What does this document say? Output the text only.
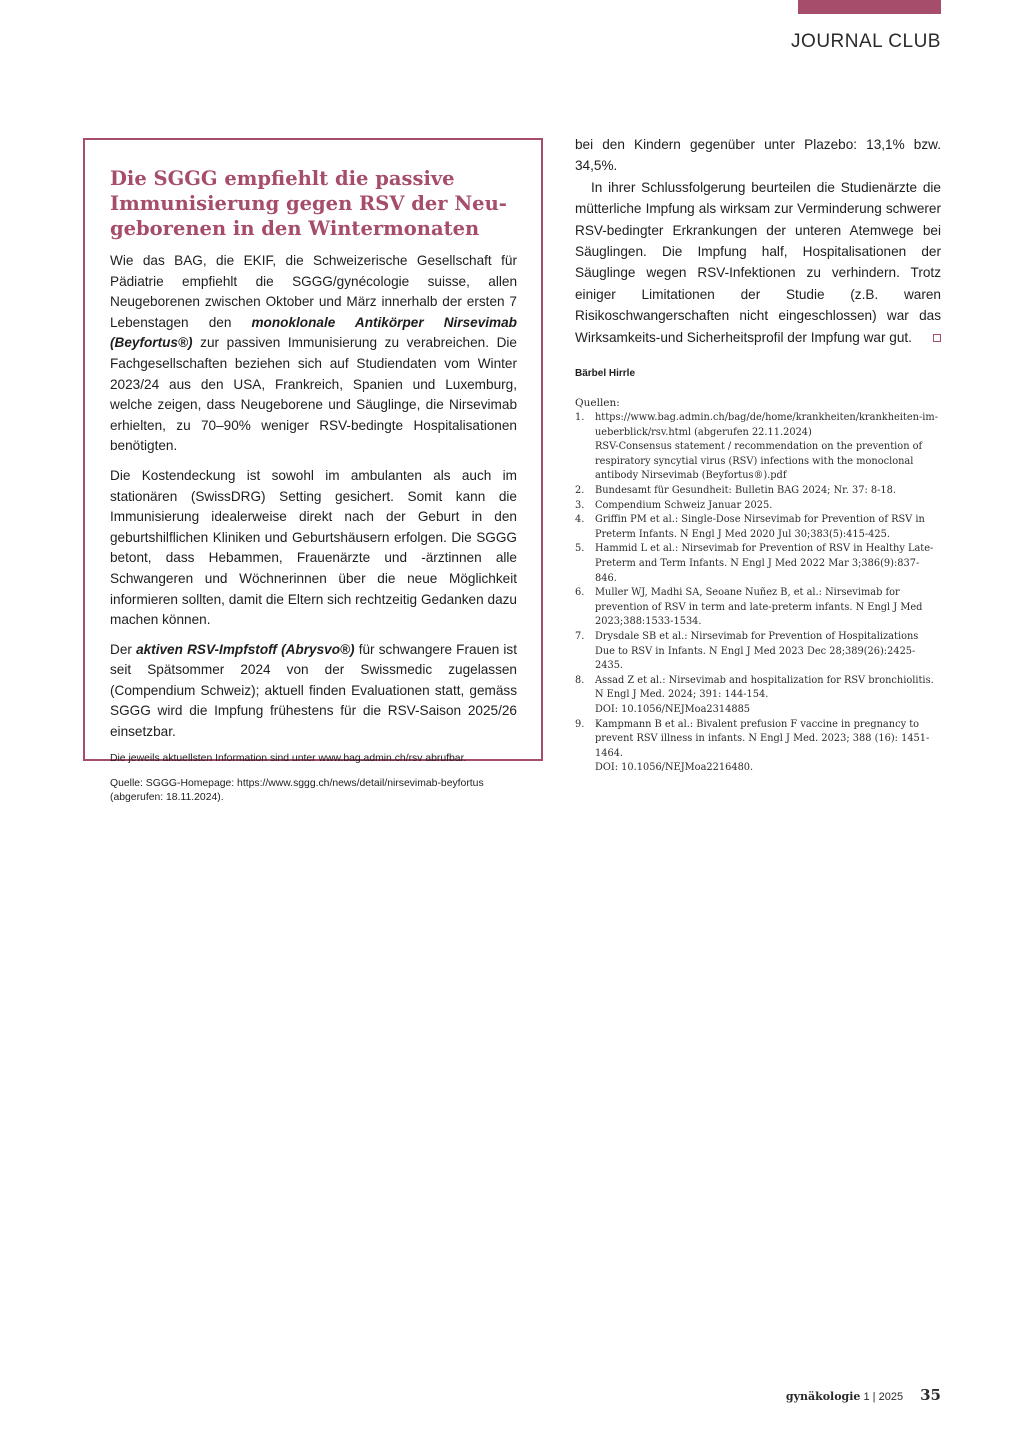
JOURNAL CLUB
Die SGGG empfiehlt die passive Immunisierung gegen RSV der Neugeborenen in den Wintermonaten

Wie das BAG, die EKIF, die Schweizerische Gesellschaft für Pädiatrie empfiehlt die SGGG/gynécologie suisse, allen Neugeborenen zwischen Oktober und März innerhalb der ersten 7 Lebenstagen den monoklonale Antikörper Nirsevimab (Beyfortus®) zur passiven Immunisierung zu verabreichen. Die Fachgesellschaften beziehen sich auf Studiendaten vom Winter 2023/24 aus den USA, Frankreich, Spanien und Luxemburg, welche zeigen, dass Neugeborene und Säuglinge, die Nirsevimab erhielten, zu 70–90% weniger RSV-bedingte Hospitalisationen benötigten.

Die Kostendeckung ist sowohl im ambulanten als auch im stationären (SwissDRG) Setting gesichert. Somit kann die Immunisierung idealerweise direkt nach der Geburt in den geburtshilflichen Kliniken und Geburtshäusern erfolgen. Die SGGG betont, dass Hebammen, Frauenärzte und -ärztinnen alle Schwangeren und Wöchnerinnen über die neue Möglichkeit informieren sollten, damit die Eltern sich rechtzeitig Gedanken dazu machen können.

Der aktiven RSV-Impfstoff (Abrysvo®) für schwangere Frauen ist seit Spätsommer 2024 von der Swissmedic zugelassen (Compendium Schweiz); aktuell finden Evaluationen statt, gemäss SGGG wird die Impfung frühestens für die RSV-Saison 2025/26 einsetzbar.

Die jeweils aktuellsten Information sind unter www.bag.admin.ch/rsv abrufbar.

Quelle: SGGG-Homepage: https://www.sggg.ch/news/detail/nirsevimab-beyfortus (abgerufen: 18.11.2024).

bei den Kindern gegenüber unter Plazebo: 13,1% bzw. 34,5%.

In ihrer Schlussfolgerung beurteilen die Studienärzte die mütterliche Impfung als wirksam zur Verminderung schwerer RSV-bedingter Erkrankungen der unteren Atemwege bei Säuglingen. Die Impfung half, Hospitalisationen der Säuglinge wegen RSV-Infektionen zu verhindern. Trotz einiger Limitationen der Studie (z.B. waren Risikoschwangerschaften nicht eingeschlossen) war das Wirksamkeits-und Sicherheitsprofil der Impfung war gut.

Bärbel Hirrle
Quellen:
1.	https://www.bag.admin.ch/bag/de/home/krankheiten/krankheiten-im-ueberblick/rsv.html (abgerufen 22.11.2024)
RSV-Consensus statement / recommendation on the prevention of respiratory syncytial virus (RSV) infections with the monoclonal antibody Nirsevimab (Beyfortus®).pdf
2.	Bundesamt für Gesundheit: Bulletin BAG 2024; Nr. 37: 8-18.
3.	Compendium Schweiz Januar 2025.
4.	Griffin PM et al.: Single-Dose Nirsevimab for Prevention of RSV in Preterm Infants. N Engl J Med 2020 Jul 30;383(5):415-425.
5.	Hammid L et al.: Nirsevimab for Prevention of RSV in Healthy Late-Preterm and Term Infants. N Engl J Med 2022 Mar 3;386(9):837-846.
6.	Muller WJ, Madhi SA, Seoane Nuñez B, et al.: Nirsevimab for prevention of RSV in term and late-preterm infants. N Engl J Med 2023;388:1533-1534.
7.	Drysdale SB et al.: Nirsevimab for Prevention of Hospitalizations Due to RSV in Infants. N Engl J Med 2023 Dec 28;389(26):2425-2435.
8.	Assad Z et al.: Nirsevimab and hospitalization for RSV bronchiolitis.
N Engl J Med. 2024; 391: 144-154.
DOI: 10.1056/NEJMoa2314885
9.	Kampmann B et al.: Bivalent prefusion F vaccine in pregnancy to prevent RSV illness in infants. N Engl J Med. 2023; 388 (16): 1451-1464.
DOI: 10.1056/NEJMoa2216480.
gynäkologie 1 | 2025 35
